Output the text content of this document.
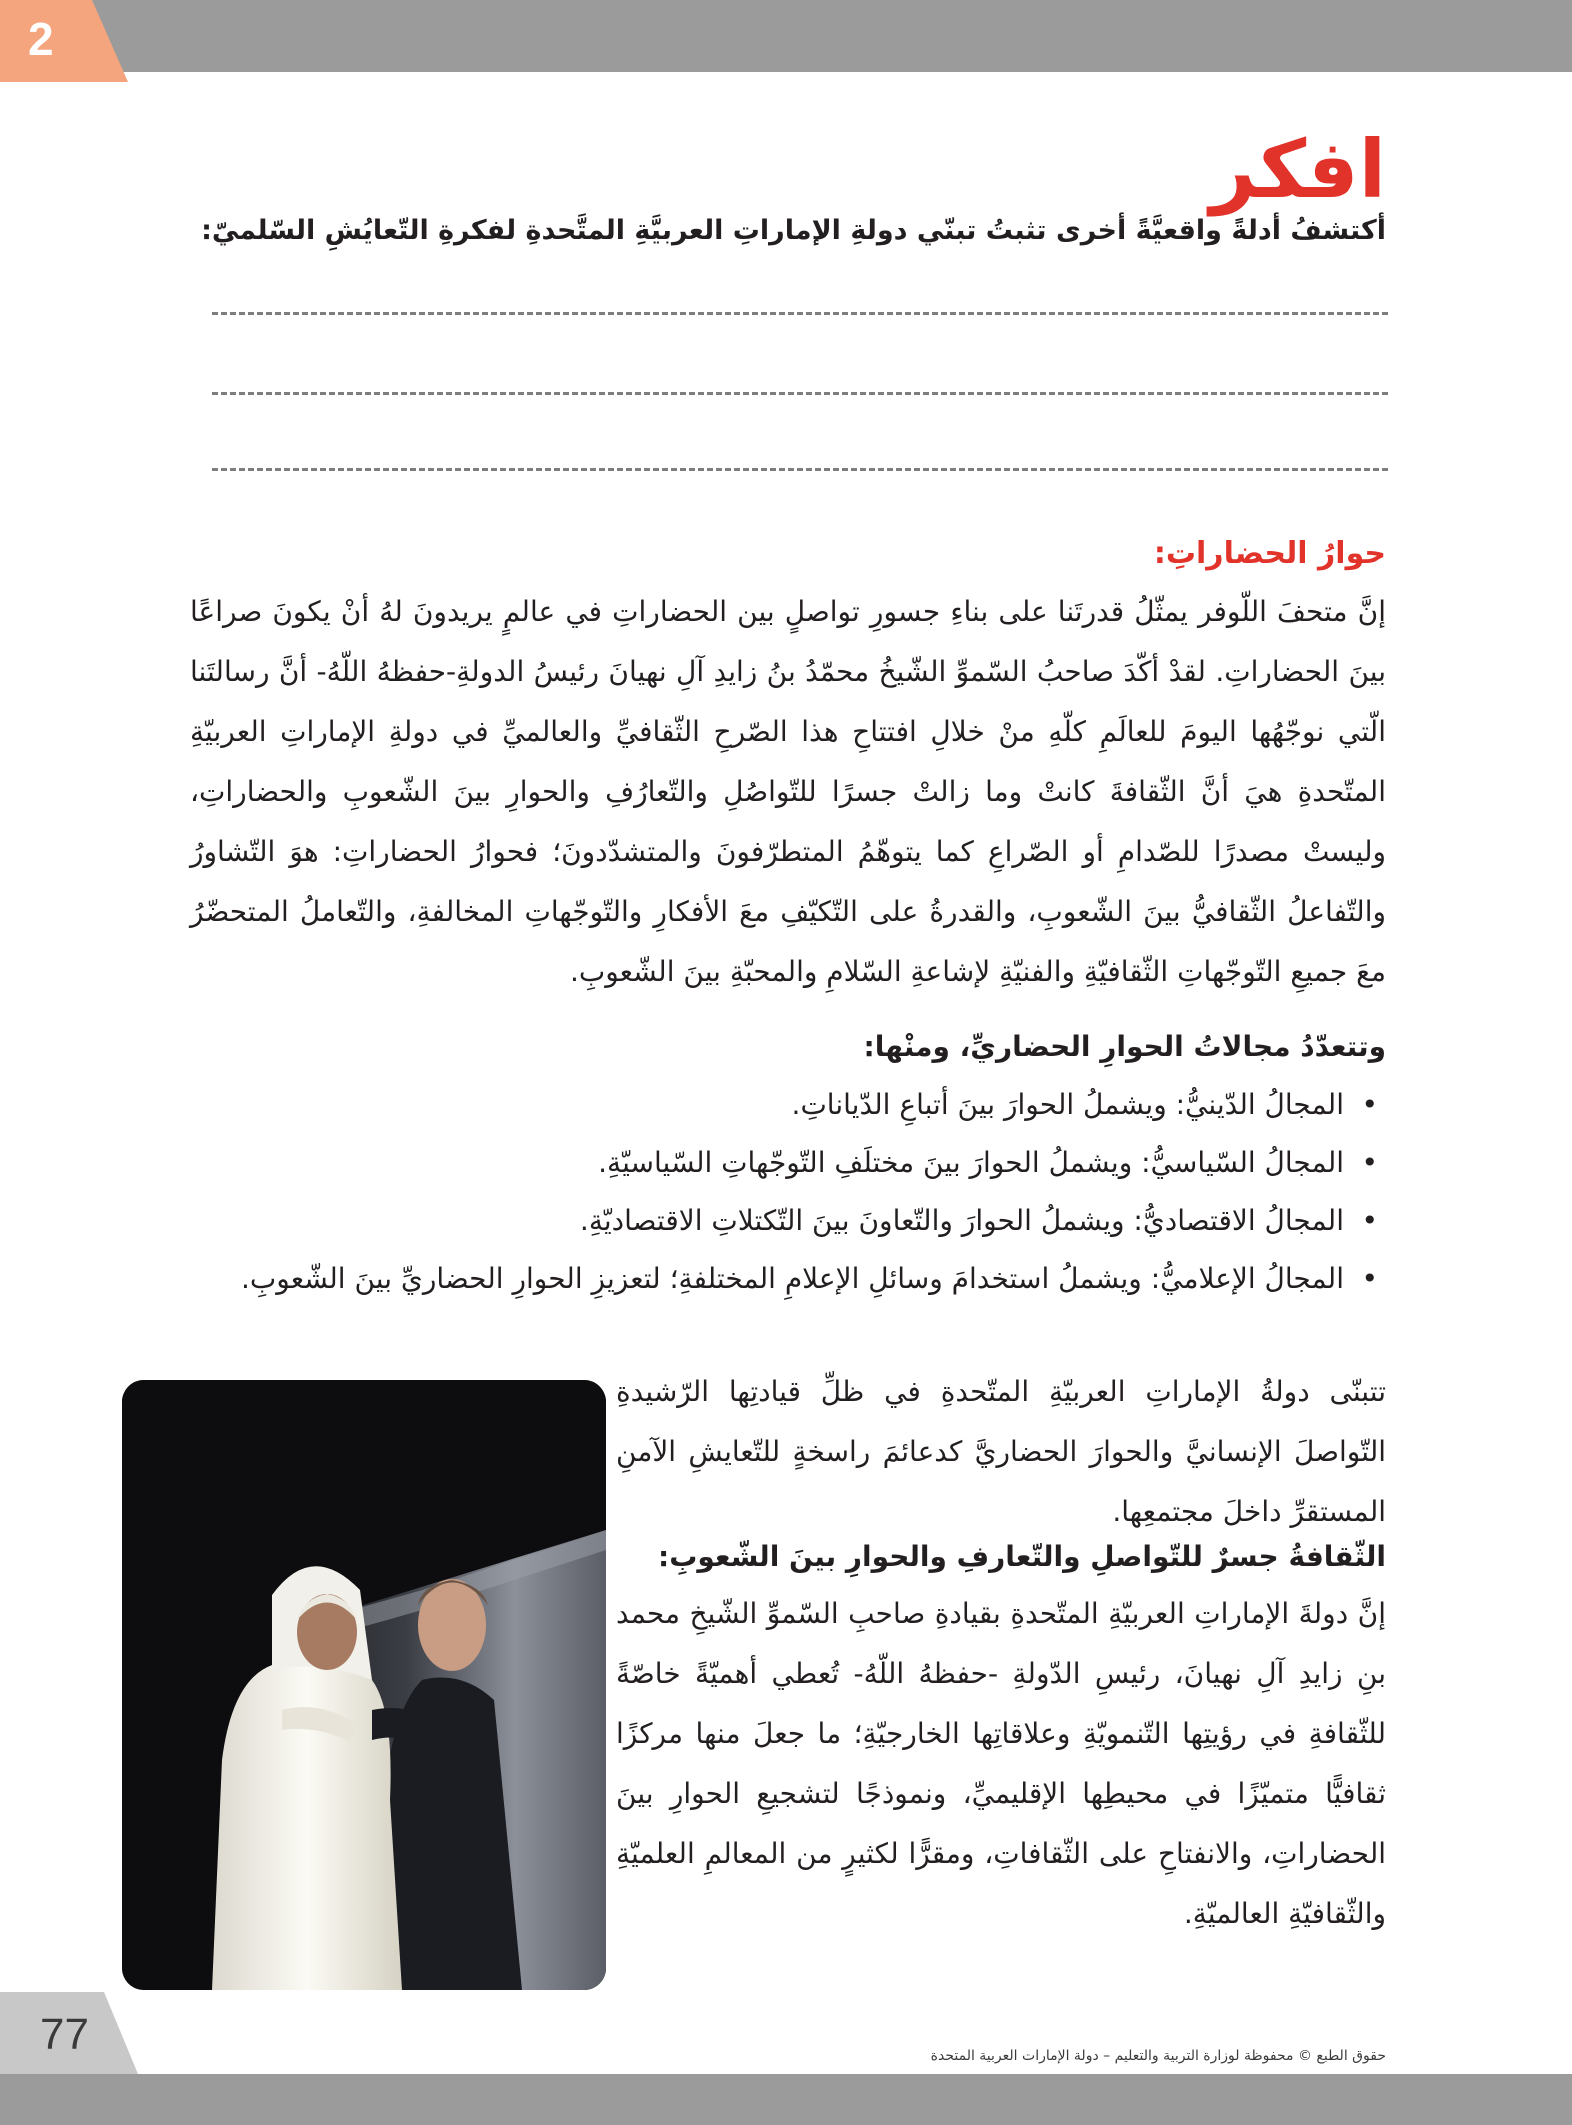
2
افكر
أكتشفُ أدلةً واقعيَّةً أخرى تثبتُ تبنّي دولةِ الإماراتِ العربيَّةِ المتَّحدةِ لفكرةِ التّعايُشِ السّلميّ:
حوارُ الحضاراتِ:

إنَّ متحفَ اللّوفر يمثّلُ قدرتَنا على بناءِ جسورِ تواصلٍ بين الحضاراتِ في عالمٍ يريدونَ لهُ أنْ يكونَ صراعًا بينَ الحضاراتِ. لقدْ أكّدَ صاحبُ السّموِّ الشّيخُ محمّدُ بنُ زايدِ آلِ نهيانَ رئيسُ الدولةِ-حفظهُ اللّهُ- أنَّ رسالتَنا الّتي نوجّهُها اليومَ للعالَمِ كلّهِ منْ خلالِ افتتاحِ هذا الصّرحِ الثّقافيِّ والعالميِّ في دولةِ الإماراتِ العربيّةِ المتّحدةِ هيَ أنَّ الثّقافةَ كانتْ وما زالتْ جسرًا للتّواصُلِ والتّعارُفِ والحوارِ بينَ الشّعوبِ والحضاراتِ، وليستْ مصدرًا للصّدامِ أو الصّراعِ كما يتوهّمُ المتطرّفونَ والمتشدّدونَ؛ فحوارُ الحضاراتِ: هوَ التّشاورُ والتّفاعلُ الثّقافيُّ بينَ الشّعوبِ، والقدرةُ على التّكيّفِ معَ الأفكارِ والتّوجّهاتِ المخالفةِ، والتّعاملُ المتحضّرُ معَ جميعِ التّوجّهاتِ الثّقافيّةِ والفنيّةِ لإشاعةِ السّلامِ والمحبّةِ بينَ الشّعوبِ.

وتتعدّدُ مجالاتُ الحوارِ الحضاريِّ، ومنْها:
• المجالُ الدّينيُّ: ويشملُ الحوارَ بينَ أتباعِ الدّياناتِ.
• المجالُ السّياسيُّ: ويشملُ الحوارَ بينَ مختلَفِ التّوجّهاتِ السّياسيّةِ.
• المجالُ الاقتصاديُّ: ويشملُ الحوارَ والتّعاونَ بينَ التّكتلاتِ الاقتصاديّةِ.
• المجالُ الإعلاميُّ: ويشملُ استخدامَ وسائلِ الإعلامِ المختلفةِ؛ لتعزيزِ الحوارِ الحضاريِّ بينَ الشّعوبِ.

تتبنّى دولةُ الإماراتِ العربيّةِ المتّحدةِ في ظلِّ قيادتِها الرّشيدةِ التّواصلَ الإنسانيَّ والحوارَ الحضاريَّ كدعائمَ راسخةٍ للتّعايشِ الآمنِ المستقرِّ داخلَ مجتمعِها.

الثّقافةُ جسرٌ للتّواصلِ والتّعارفِ والحوارِ بينَ الشّعوبِ:

إنَّ دولةَ الإماراتِ العربيّةِ المتّحدةِ بقيادةِ صاحبِ السّموِّ الشّيخِ محمد بنِ زايدِ آلِ نهيانَ، رئيسِ الدّولةِ -حفظهُ اللّهُ- تُعطي أهميّةً خاصّةً للثّقافةِ في رؤيتِها التّنمويّةِ وعلاقاتِها الخارجيّةِ؛ ما جعلَ منها مركزًا ثقافيًّا متميّزًا في محيطِها الإقليميِّ، ونموذجًا لتشجيعِ الحوارِ بينَ الحضاراتِ، والانفتاحِ على الثّقافاتِ، ومقرًّا لكثيرٍ من المعالمِ العلميّةِ والثّقافيّةِ العالميّةِ.

حقوق الطبع © محفوظة لوزارة التربية والتعليم – دولة الإمارات العربية المتحدة
77
